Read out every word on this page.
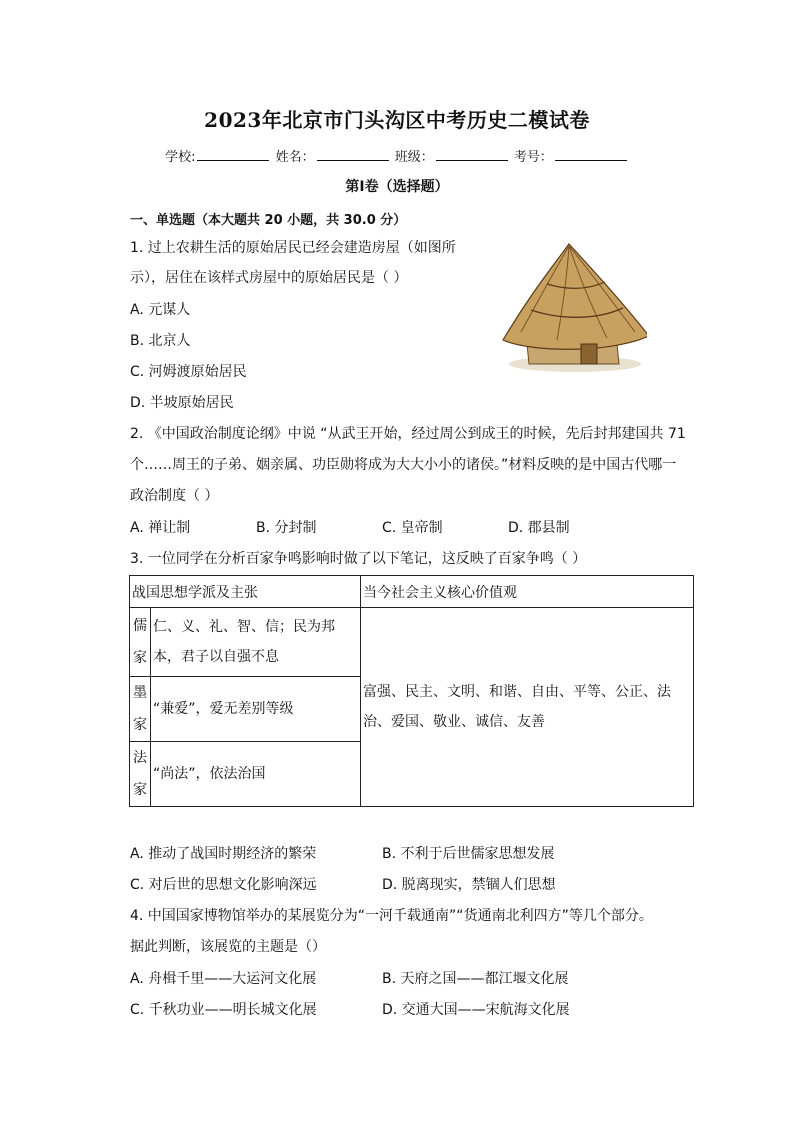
2023年北京市门头沟区中考历史二模试卷
学校:	姓名：	班级：	考号：
第Ⅰ卷（选择题）
一、单选题（本大题共 20 小题，共 30.0 分）
1. 过上农耕生活的原始居民已经会建造房屋（如图所
示），居住在该样式房屋中的原始居民是（ ）
A. 元谋人
B. 北京人
C. 河姆渡原始居民
D. 半坡原始居民
2. 《中国政治制度论纲》中说 “从武王开始，经过周公到成王的时候，先后封邦建国共 71
个……周王的子弟、姻亲属、功臣勋将成为大大小小的诸侯。”材料反映的是中国古代哪一
政治制度（ ）
A. 禅让制	B. 分封制	C. 皇帝制	D. 郡县制
3. 一位同学在分析百家争鸣影响时做了以下笔记，这反映了百家争鸣（ ）
战国思想学派及主张		当今社会主义核心价值观
儒家	仁、义、礼、智、信；民为邦本，君子以自强不息	富强、民主、文明、和谐、自由、平等、公正、法治、爱国、敬业、诚信、友善
墨家	“兼爱”，爱无差别等级	
法家	“尚法”，依法治国	
A. 推动了战国时期经济的繁荣	B. 不利于后世儒家思想发展
C. 对后世的思想文化影响深远	D. 脱离现实，禁锢人们思想
4. 中国国家博物馆举办的某展览分为“一河千载通南”“货通南北利四方”等几个部分。
据此判断，该展览的主题是（）
A. 舟楫千里——大运河文化展	B. 天府之国——都江堰文化展
C. 千秋功业——明长城文化展	D. 交通大国——宋航海文化展
